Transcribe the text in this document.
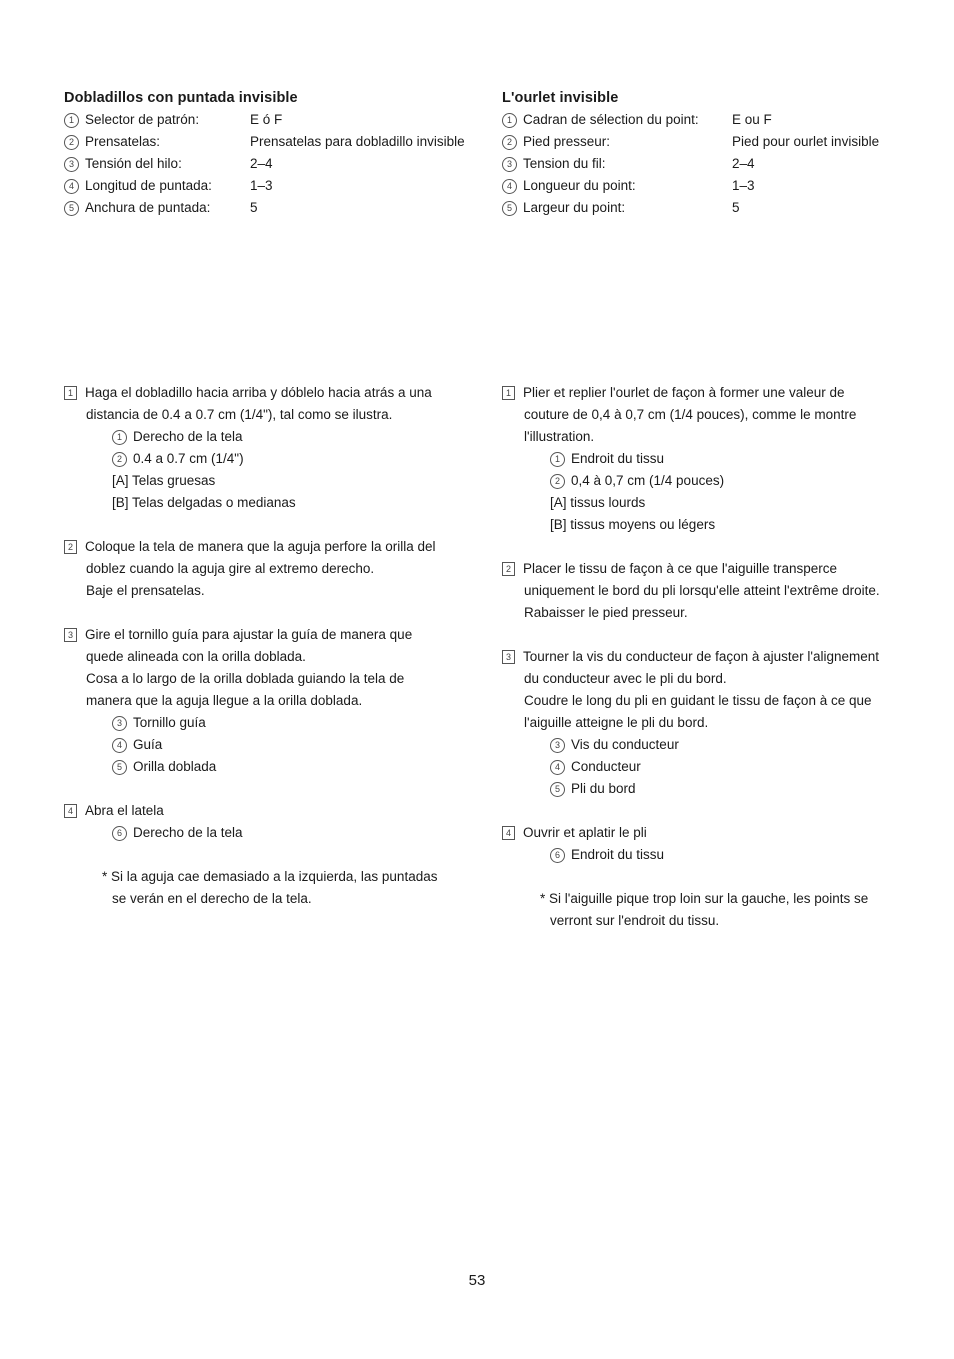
Dobladillos con puntada invisible
1 Selector de patrón:	E ó F
2 Prensatelas:	Prensatelas para dobladillo invisible
3 Tensión del hilo:	2–4
4 Longitud de puntada:	1–3
5 Anchura de puntada:	5
1 Haga el dobladillo hacia arriba y dóblelo hacia atrás a una
distancia de 0.4 a 0.7 cm (1/4"), tal como se ilustra.
1 Derecho de la tela
2 0.4 a 0.7 cm (1/4")
[A] Telas gruesas
[B] Telas delgadas o medianas
2 Coloque la tela de manera que la aguja perfore la orilla del
doblez cuando la aguja gire al extremo derecho.
Baje el prensatelas.
3 Gire el tornillo guía para ajustar la guía de manera que
quede alineada con la orilla doblada.
Cosa a lo largo de la orilla doblada guiando la tela de
manera que la aguja llegue a la orilla doblada.
3 Tornillo guía
4 Guía
5 Orilla doblada
4 Abra el latela
6 Derecho de la tela
* Si la aguja cae demasiado a la izquierda, las puntadas
se verán en el derecho de la tela.
L'ourlet invisible
1 Cadran de sélection du point: E ou F
2 Pied presseur:	Pied pour ourlet invisible
3 Tension du fil:	2–4
4 Longueur du point:	1–3
5 Largeur du point:	5
1 Plier et replier l'ourlet de façon à former une valeur de
couture de 0,4 à 0,7 cm (1/4 pouces), comme le montre
l'illustration.
1 Endroit du tissu
2 0,4 à 0,7 cm (1/4 pouces)
[A] tissus lourds
[B] tissus moyens ou légers
2 Placer le tissu de façon à ce que l'aiguille transperce
uniquement le bord du pli lorsqu'elle atteint l'extrême droite.
Rabaisser le pied presseur.
3 Tourner la vis du conducteur de façon à ajuster l'alignement
du conducteur avec le pli du bord.
Coudre le long du pli en guidant le tissu de façon à ce que
l'aiguille atteigne le pli du bord.
3 Vis du conducteur
4 Conducteur
5 Pli du bord
4 Ouvrir et aplatir le pli
6 Endroit du tissu
* Si l'aiguille pique trop loin sur la gauche, les points se
verront sur l'endroit du tissu.
53
